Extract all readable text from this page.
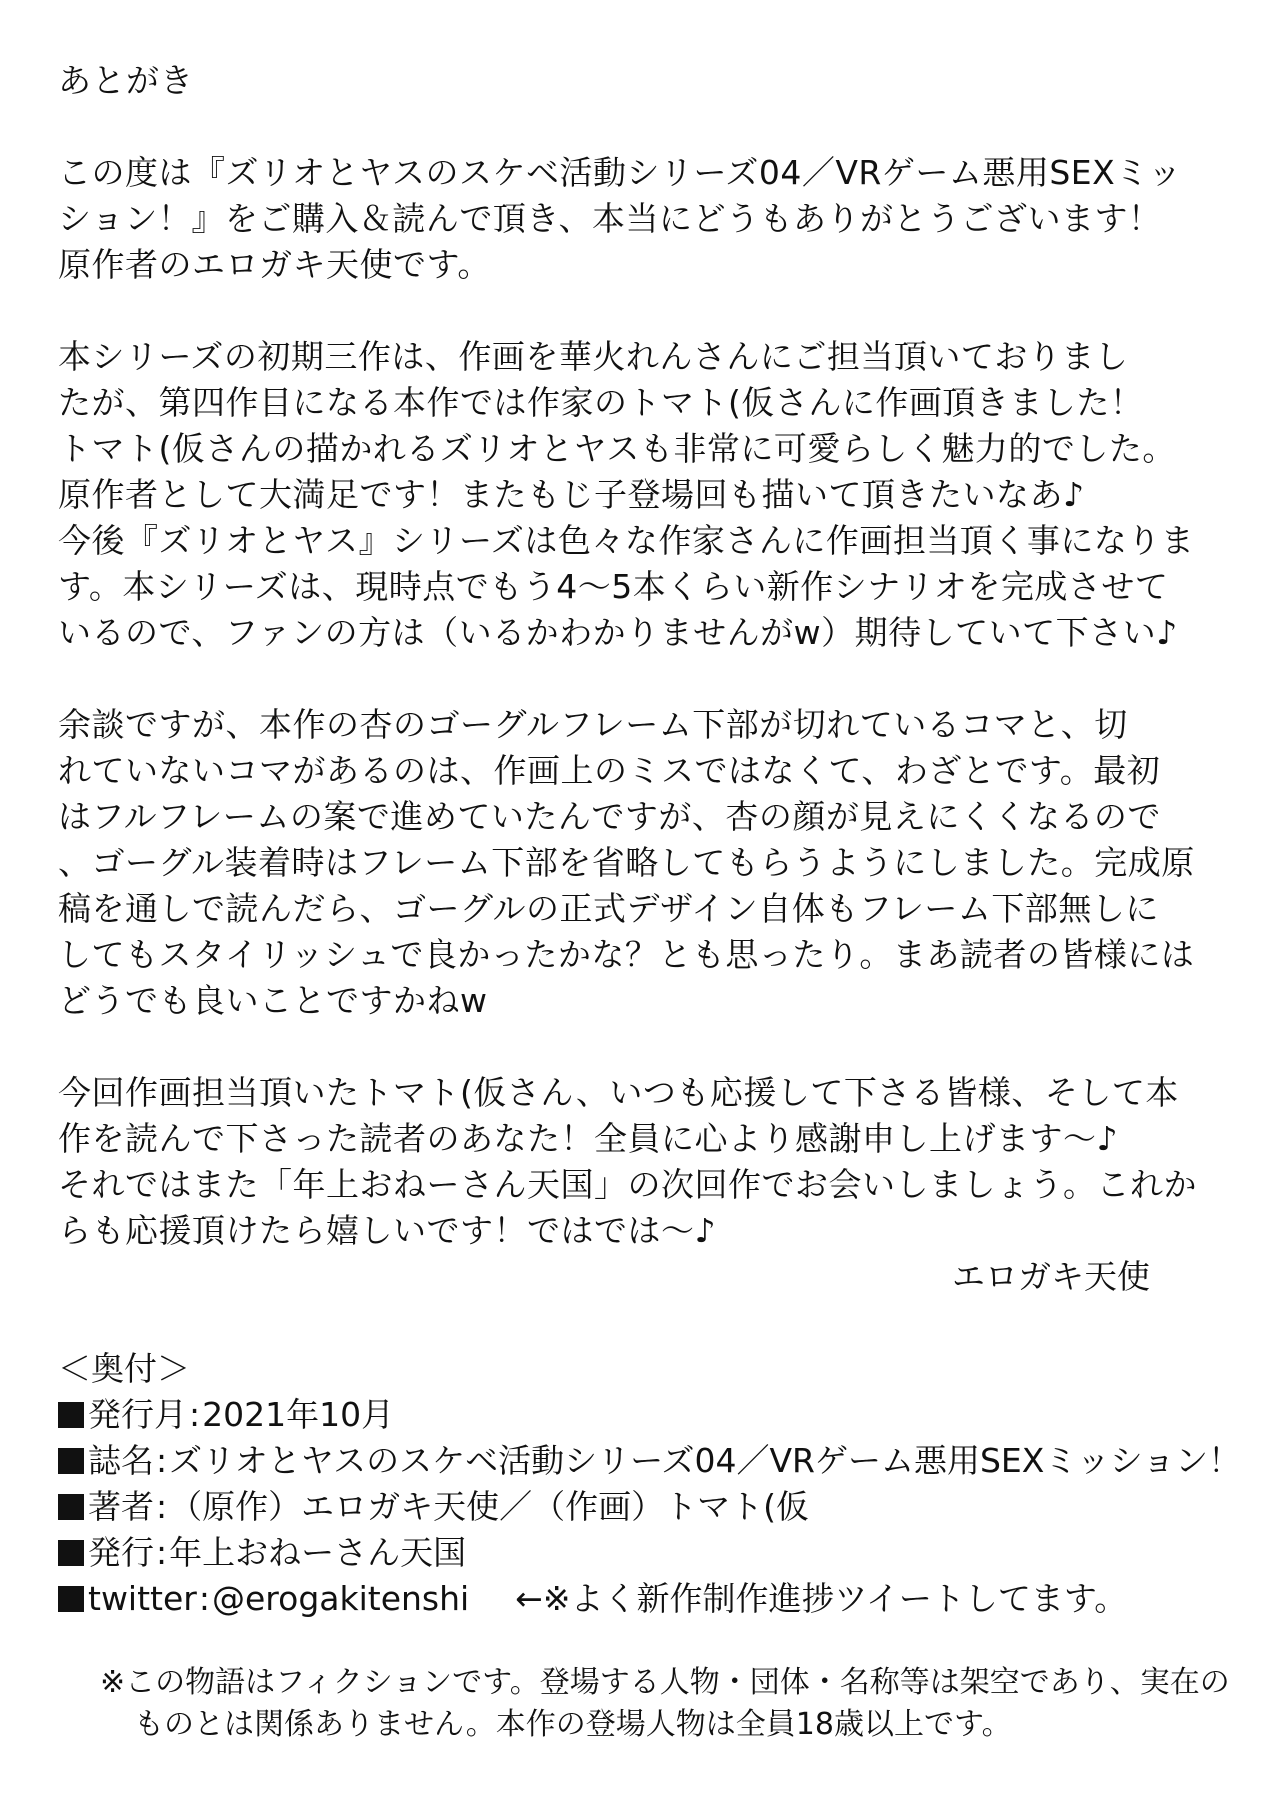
あとがき
この度は『ズリオとヤスのスケベ活動シリーズ04／VRゲーム悪用SEXミッ
ション！』をご購入＆読んで頂き、本当にどうもありがとうございます！
原作者のエロガキ天使です。
本シリーズの初期三作は、作画を華火れんさんにご担当頂いておりまし
たが、第四作目になる本作では作家のトマト(仮さんに作画頂きました！
トマト(仮さんの描かれるズリオとヤスも非常に可愛らしく魅力的でした。
原作者として大満足です！またもじ子登場回も描いて頂きたいなあ♪
今後『ズリオとヤス』シリーズは色々な作家さんに作画担当頂く事になりま
す。本シリーズは、現時点でもう4～5本くらい新作シナリオを完成させて
いるので、ファンの方は（いるかわかりませんがw）期待していて下さい♪
余談ですが、本作の杏のゴーグルフレーム下部が切れているコマと、切
れていないコマがあるのは、作画上のミスではなくて、わざとです。最初
はフルフレームの案で進めていたんですが、杏の顔が見えにくくなるので
、ゴーグル装着時はフレーム下部を省略してもらうようにしました。完成原
稿を通しで読んだら、ゴーグルの正式デザイン自体もフレーム下部無しに
してもスタイリッシュで良かったかな？とも思ったり。まあ読者の皆様には
どうでも良いことですかねw
今回作画担当頂いたトマト(仮さん、いつも応援して下さる皆様、そして本
作を読んで下さった読者のあなた！全員に心より感謝申し上げます～♪
それではまた「年上おねーさん天国」の次回作でお会いしましょう。これか
らも応援頂けたら嬉しいです！ではでは～♪
エロガキ天使
＜奥付＞
発行月 : 2021年10月
誌名 : ズリオとヤスのスケベ活動シリーズ04／VRゲーム悪用SEXミッション！
著者 : （原作）エロガキ天使／（作画）トマト(仮
発行 : 年上おねーさん天国
twitter : @erogakitenshi ←※よく新作制作進捗ツイートしてます。
※この物語はフィクションです。登場する人物・団体・名称等は架空であり、実在の
ものとは関係ありません。本作の登場人物は全員18歳以上です。
